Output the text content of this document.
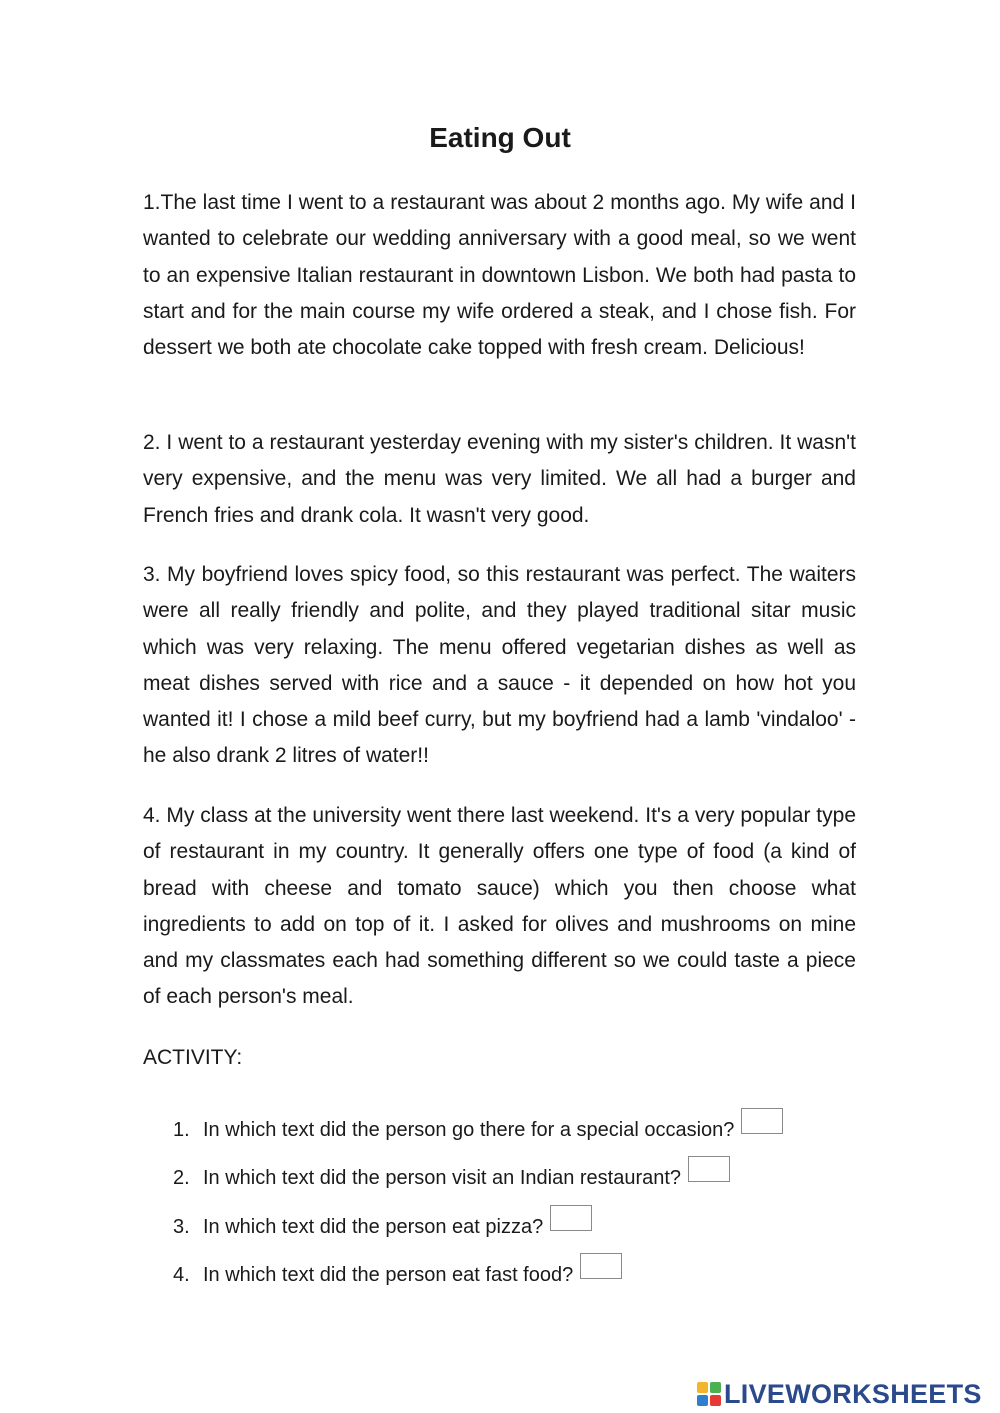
Eating Out

1.The last time I went to a restaurant was about 2 months ago. My wife and I wanted to celebrate our wedding anniversary with a good meal, so we went to an expensive Italian restaurant in downtown Lisbon. We both had pasta to start and for the main course my wife ordered a steak, and I chose fish. For dessert we both ate chocolate cake topped with fresh cream. Delicious!

2. I went to a restaurant yesterday evening with my sister's children. It wasn't very expensive, and the menu was very limited. We all had a burger and French fries and drank cola. It wasn't very good.

3. My boyfriend loves spicy food, so this restaurant was perfect. The waiters were all really friendly and polite, and they played traditional sitar music which was very relaxing. The menu offered vegetarian dishes as well as meat dishes served with rice and a sauce - it depended on how hot you wanted it! I chose a mild beef curry, but my boyfriend had a lamb 'vindaloo' - he also drank 2 litres of water!!

4. My class at the university went there last weekend. It's a very popular type of restaurant in my country. It generally offers one type of food (a kind of bread with cheese and tomato sauce) which you then choose what ingredients to add on top of it. I asked for olives and mushrooms on mine and my classmates each had something different so we could taste a piece of each person's meal.

ACTIVITY:

1. In which text did the person go there for a special occasion?
2. In which text did the person visit an Indian restaurant?
3. In which text did the person eat pizza?
4. In which text did the person eat fast food?
LIVEWORKSHEETS
